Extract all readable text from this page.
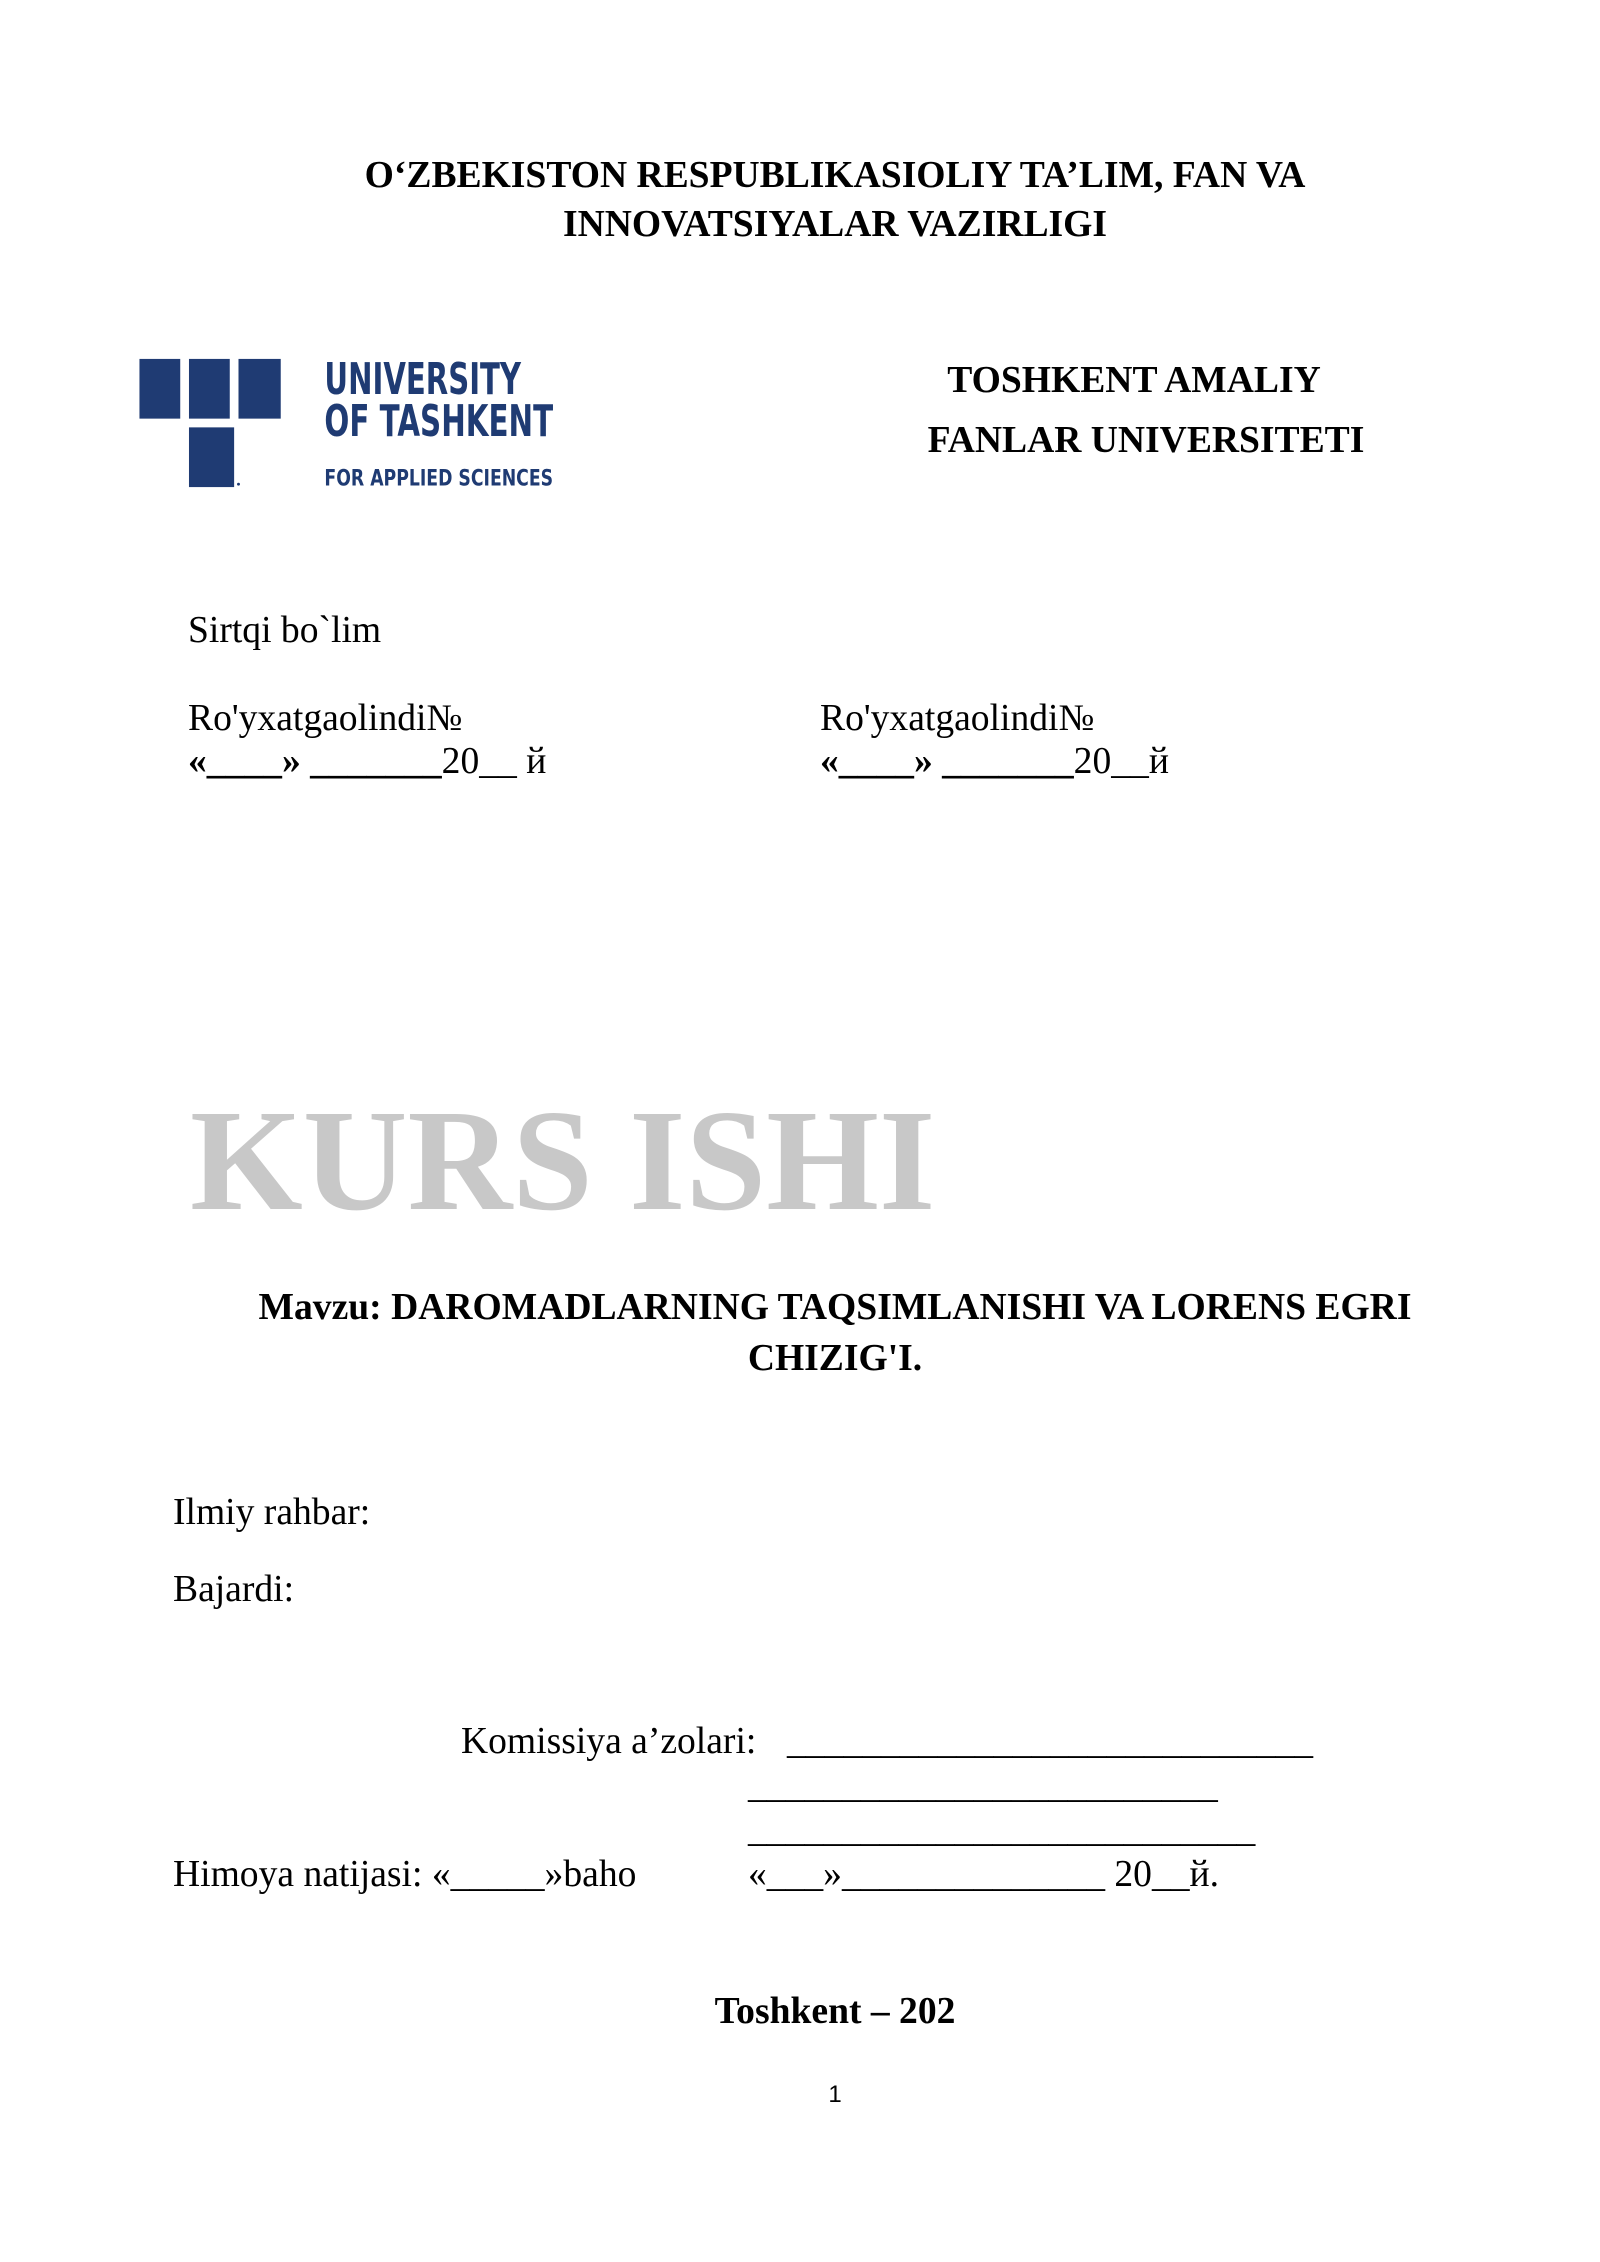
O‘ZBEKISTON RESPUBLIKASIOLIY TA’LIM, FAN VA
INNOVATSIYALAR VAZIRLIGI
UNIVERSITY
OF TASHKENT
FOR APPLIED SCIENCES
TOSHKENT AMALIY
FANLAR UNIVERSITETI
Sirtqi bo`lim
Ro'yxatgaolindi№
«____» _______20__ й
Ro'yxatgaolindi№
«____» _______20__й
KURS ISHI
Mavzu: DAROMADLARNING TAQSIMLANISHI VA LORENS EGRI CHIZIG'I.
Ilmiy rahbar:
Bajardi:
Komissiya a’zolari: ____________________________
_________________________
___________________________
Himoya natijasi: «_____»baho	«___»______________ 20__й.
Toshkent – 202
1
